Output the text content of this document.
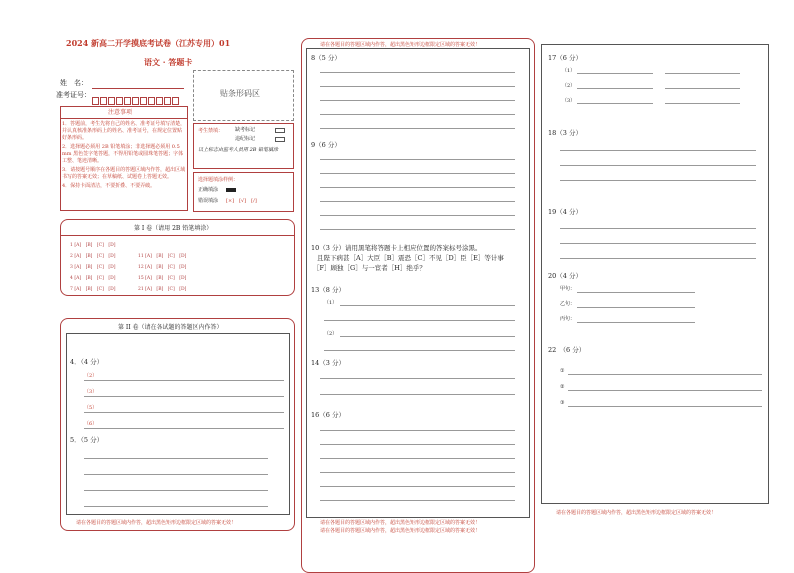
2024 新高二开学摸底考试卷（江苏专用）01
语文 · 答题卡
姓　名：
准考证号：	贴条形码区
注意事项
1．答题前，考生先将自己的姓名、准考证号填写清楚，并认真核准条形码上的姓名、准考证号，在规定位置贴好条形码。
2．选择题必须用 2B 铅笔填涂；非选择题必须用 0.5 mm 黑色签字笔答题，不得用铅笔或圆珠笔答题；字体工整、笔迹清晰。
3．请按题号顺序在各题目的答题区域内作答，超出区域书写的答案无效；在草稿纸、试题卷上答题无效。
4．保持卡面清洁，不要折叠、不要弄破。
考生禁填： 缺考标记
违纪标记
以上标志由监考人员用 2B 铅笔填涂
选择题填涂样例：
正确填涂
错误填涂 [×]　[√]　[/]
第 I 卷（请用 2B 铅笔填涂）
1 [A]　[B]　[C]　[D]
2 [A]　[B]　[C]　[D]
3 [A]　[B]　[C]　[D]
4 [A]　[B]　[C]　[D]
7 [A]　[B]　[C]　[D]
11 [A]　[B]　[C]　[D]
12 [A]　[B]　[C]　[D]
15 [A]　[B]　[C]　[D]
21 [A]　[B]　[C]　[D]
第 II 卷（请在各试题的答题区内作答）
4．（4 分）
（2）
（3）
（5）
（6）
5．（5 分）
请在各题目的答题区域内作答，超出黑色矩形边框限定区域的答案无效！
请在各题目的答题区域内作答，超出黑色矩形边框限定区域的答案无效！
8（5 分）
9（6 分）
10（3 分）请用黑笔将答题卡上相应位置的答案标号涂黑。
且陛下病甚［A］大臣［B］震恐［C］不见［D］臣［E］等计事
［F］顾独［G］与一宦者［H］绝乎？
13（8 分）
（1）
（2）
14（3 分）
16（6 分）
请在各题目的答题区域内作答，超出黑色矩形边框限定区域的答案无效！
请在各题目的答题区域内作答，超出黑色矩形边框限定区域的答案无效！
17（6 分）
（1）
（2）
（3）
18（3 分）
19（4 分）
20（4 分）
甲句：
乙句：
丙句：
22　（6 分）
①
②
③
请在各题目的答题区域内作答，超出黑色矩形边框限定区域的答案无效！
